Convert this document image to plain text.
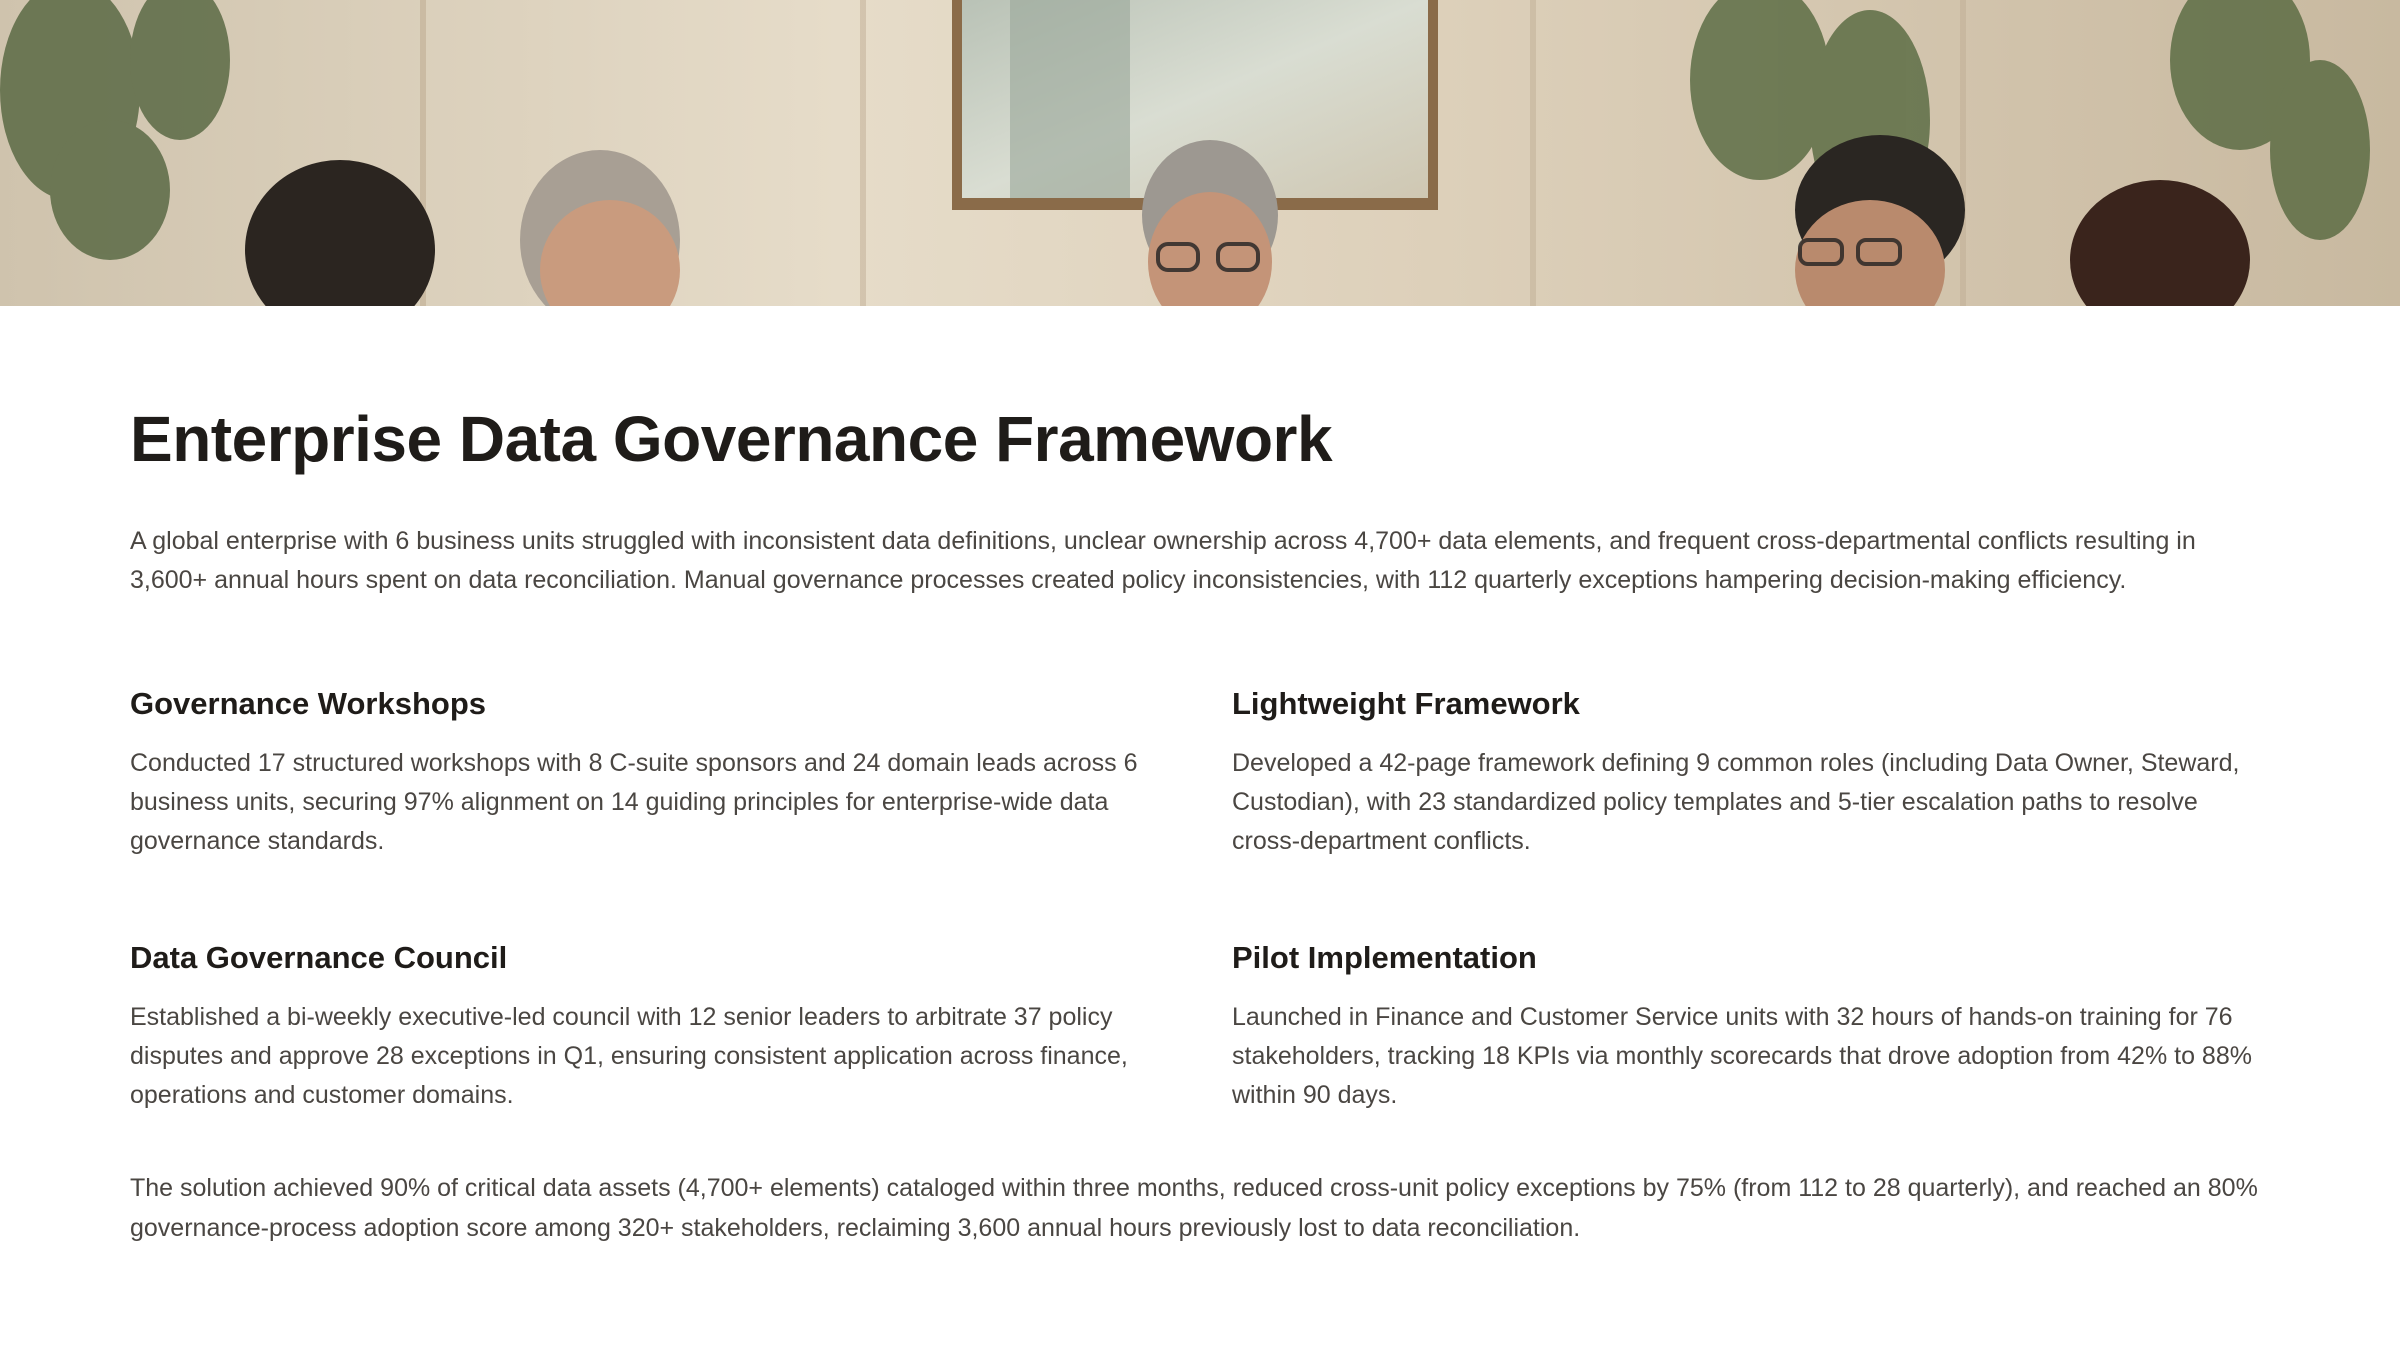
Enterprise Data Governance Framework

A global enterprise with 6 business units struggled with inconsistent data definitions, unclear ownership across 4,700+ data elements, and frequent cross-departmental conflicts resulting in 3,600+ annual hours spent on data reconciliation. Manual governance processes created policy inconsistencies, with 112 quarterly exceptions hampering decision-making efficiency.

Governance Workshops

Conducted 17 structured workshops with 8 C-suite sponsors and 24 domain leads across 6 business units, securing 97% alignment on 14 guiding principles for enterprise-wide data governance standards.

Lightweight Framework

Developed a 42-page framework defining 9 common roles (including Data Owner, Steward, Custodian), with 23 standardized policy templates and 5-tier escalation paths to resolve cross-department conflicts.

Data Governance Council

Established a bi-weekly executive-led council with 12 senior leaders to arbitrate 37 policy disputes and approve 28 exceptions in Q1, ensuring consistent application across finance, operations and customer domains.

Pilot Implementation

Launched in Finance and Customer Service units with 32 hours of hands-on training for 76 stakeholders, tracking 18 KPIs via monthly scorecards that drove adoption from 42% to 88% within 90 days.

The solution achieved 90% of critical data assets (4,700+ elements) cataloged within three months, reduced cross-unit policy exceptions by 75% (from 112 to 28 quarterly), and reached an 80% governance-process adoption score among 320+ stakeholders, reclaiming 3,600 annual hours previously lost to data reconciliation.
